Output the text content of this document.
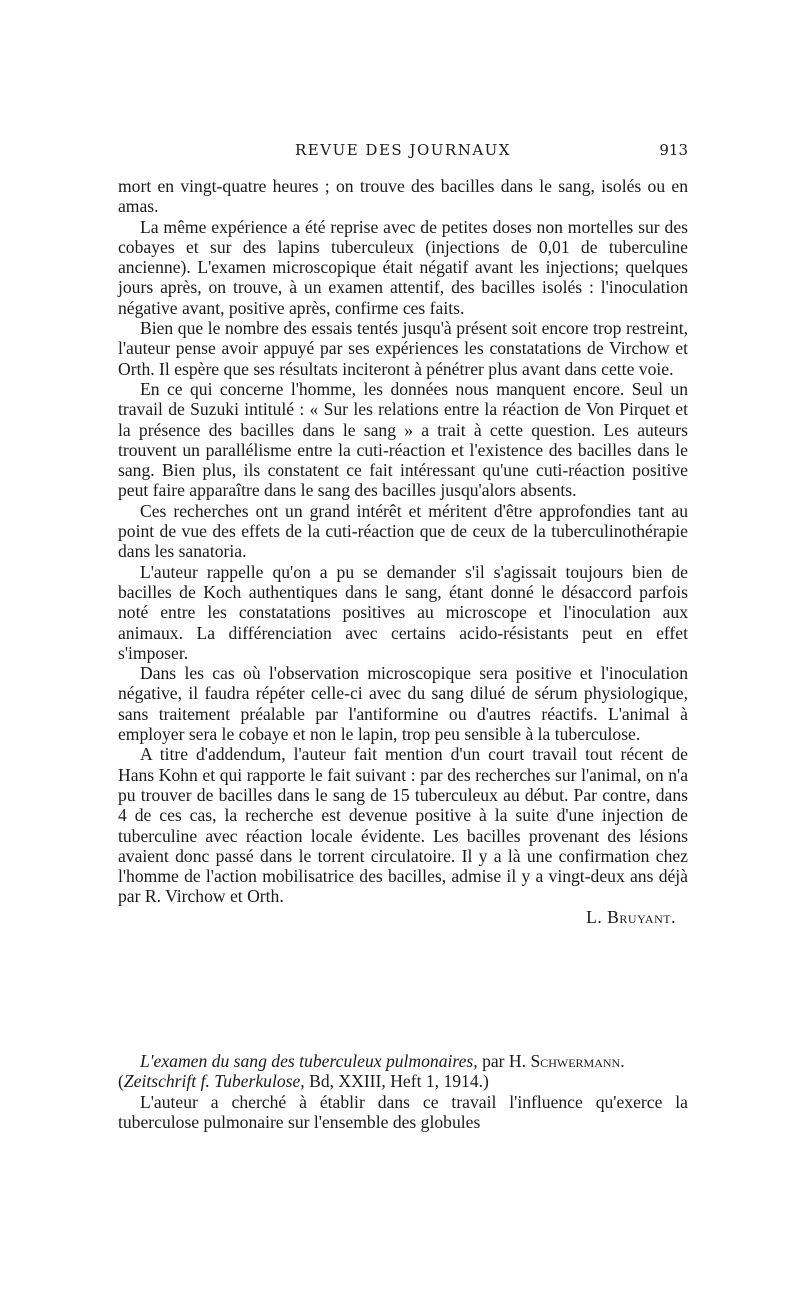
REVUE DES JOURNAUX	913

mort en vingt-quatre heures ; on trouve des bacilles dans le sang, isolés ou en amas.

La même expérience a été reprise avec de petites doses non mortelles sur des cobayes et sur des lapins tuberculeux (injections de 0,01 de tuberculine ancienne). L'examen microscopique était négatif avant les injections; quelques jours après, on trouve, à un examen attentif, des bacilles isolés : l'inoculation négative avant, positive après, confirme ces faits.

Bien que le nombre des essais tentés jusqu'à présent soit encore trop restreint, l'auteur pense avoir appuyé par ses expériences les constatations de Virchow et Orth. Il espère que ses résultats inciteront à pénétrer plus avant dans cette voie.

En ce qui concerne l'homme, les données nous manquent encore. Seul un travail de Suzuki intitulé : « Sur les relations entre la réaction de Von Pirquet et la présence des bacilles dans le sang » a trait à cette question. Les auteurs trouvent un parallélisme entre la cuti-réaction et l'existence des bacilles dans le sang. Bien plus, ils constatent ce fait intéressant qu'une cuti-réaction positive peut faire apparaître dans le sang des bacilles jusqu'alors absents.

Ces recherches ont un grand intérêt et méritent d'être approfondies tant au point de vue des effets de la cuti-réaction que de ceux de la tuberculinothérapie dans les sanatoria.

L'auteur rappelle qu'on a pu se demander s'il s'agissait toujours bien de bacilles de Koch authentiques dans le sang, étant donné le désaccord parfois noté entre les constatations positives au microscope et l'inoculation aux animaux. La différenciation avec certains acido-résistants peut en effet s'imposer.

Dans les cas où l'observation microscopique sera positive et l'inoculation négative, il faudra répéter celle-ci avec du sang dilué de sérum physiologique, sans traitement préalable par l'antiformine ou d'autres réactifs. L'animal à employer sera le cobaye et non le lapin, trop peu sensible à la tuberculose.

A titre d'addendum, l'auteur fait mention d'un court travail tout récent de Hans Kohn et qui rapporte le fait suivant : par des recherches sur l'animal, on n'a pu trouver de bacilles dans le sang de 15 tuberculeux au début. Par contre, dans 4 de ces cas, la recherche est devenue positive à la suite d'une injection de tuberculine avec réaction locale évidente. Les bacilles provenant des lésions avaient donc passé dans le torrent circulatoire. Il y a là une confirmation chez l'homme de l'action mobilisatrice des bacilles, admise il y a vingt-deux ans déjà par R. Virchow et Orth.

L. Bruyant.

L'examen du sang des tuberculeux pulmonaires, par H. Schwermann.
(Zeitschrift f. Tuberkulose, Bd, XXIII, Heft 1, 1914.)

L'auteur a cherché à établir dans ce travail l'influence qu'exerce la tuberculose pulmonaire sur l'ensemble des globules
